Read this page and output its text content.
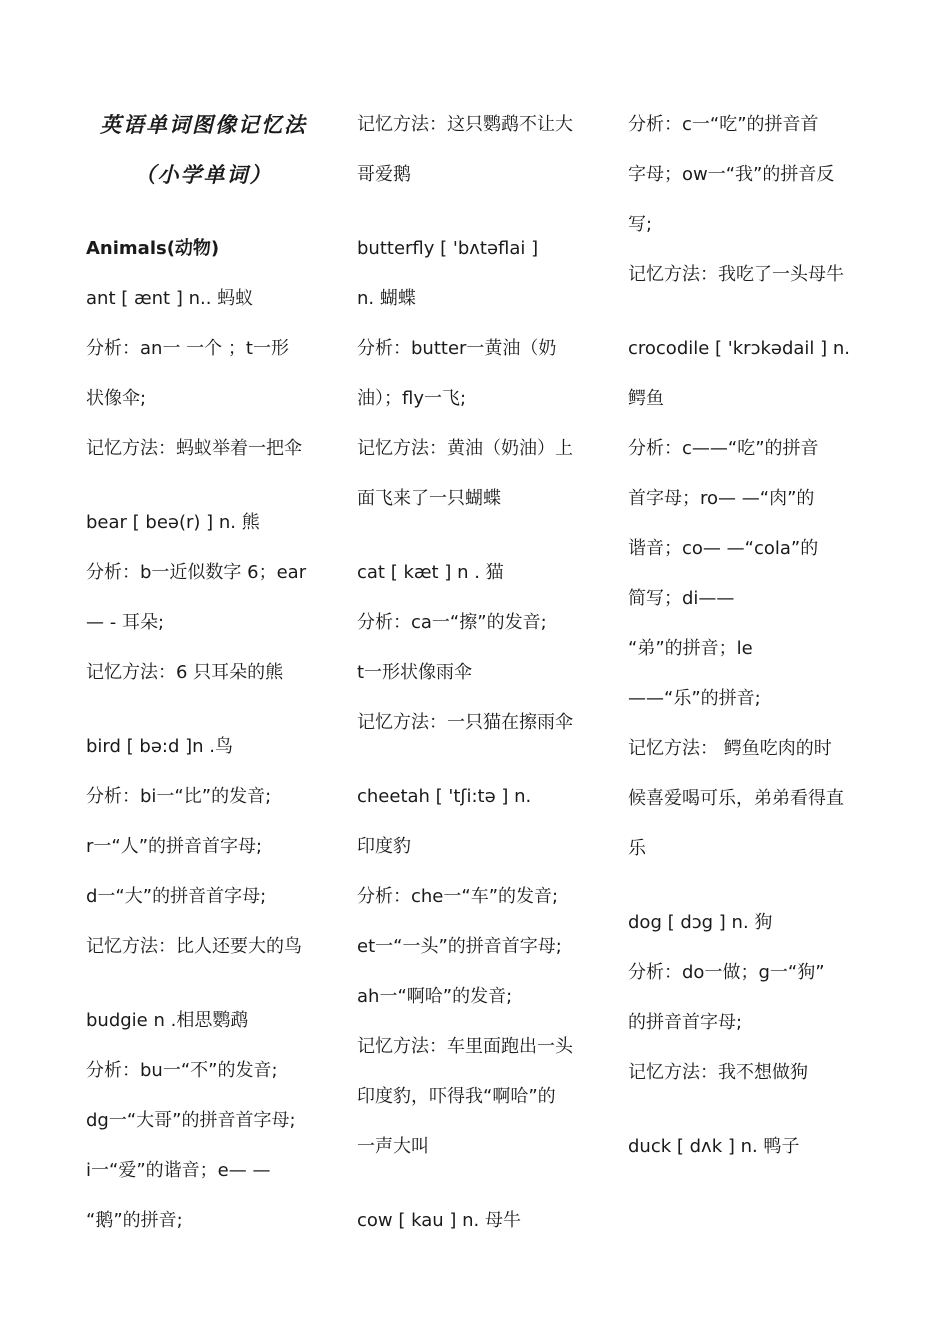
英语单词图像记忆法
（小学单词）
Animals(动物)
ant [ ænt ] n.. 蚂蚁
分析：an一 一个 ；t一形
状像伞;
记忆方法：蚂蚁举着一把伞
bear [ beə(r) ] n. 熊
分析：b一近似数字 6；ear
— - 耳朵;
记忆方法：6 只耳朵的熊
bird [ bə:d ]n .鸟
分析：bi一“比”的发音;
r一“人”的拼音首字母;
d一“大”的拼音首字母;
记忆方法：比人还要大的鸟
budgie n .相思鹦鹉
分析：bu一“不”的发音;
dg一“大哥”的拼音首字母;
i一“爱”的谐音；e— —
“鹅”的拼音;
记忆方法：这只鹦鹉不让大
哥爱鹅
butterfly [ 'bʌtəflai ]
n. 蝴蝶
分析：butter一黄油（奶
油）；fly一飞;
记忆方法：黄油（奶油）上
面飞来了一只蝴蝶
cat [ kæt ] n . 猫
分析：ca一“擦”的发音;
t一形状像雨伞
记忆方法：一只猫在擦雨伞
cheetah [ 'tʃi:tə ] n.
印度豹
分析：che一“车”的发音;
et一“一头”的拼音首字母;
ah一“啊哈”的发音;
记忆方法：车里面跑出一头
印度豹，吓得我“啊哈”的
一声大叫
cow [ kau ] n. 母牛
分析：c一“吃”的拼音首
字母；ow一“我”的拼音反
写;
记忆方法：我吃了一头母牛
crocodile [ 'krɔkədail ] n.
鳄鱼
分析：c——“吃”的拼音
首字母；ro— —“肉”的
谐音；co— —“cola”的
简写；di——
“弟”的拼音；le
——“乐”的拼音;
记忆方法： 鳄鱼吃肉的时
候喜爱喝可乐，弟弟看得直
乐
dog [ dɔg ] n. 狗
分析：do一做；g一“狗”
的拼音首字母;
记忆方法：我不想做狗
duck [ dʌk ] n. 鸭子
